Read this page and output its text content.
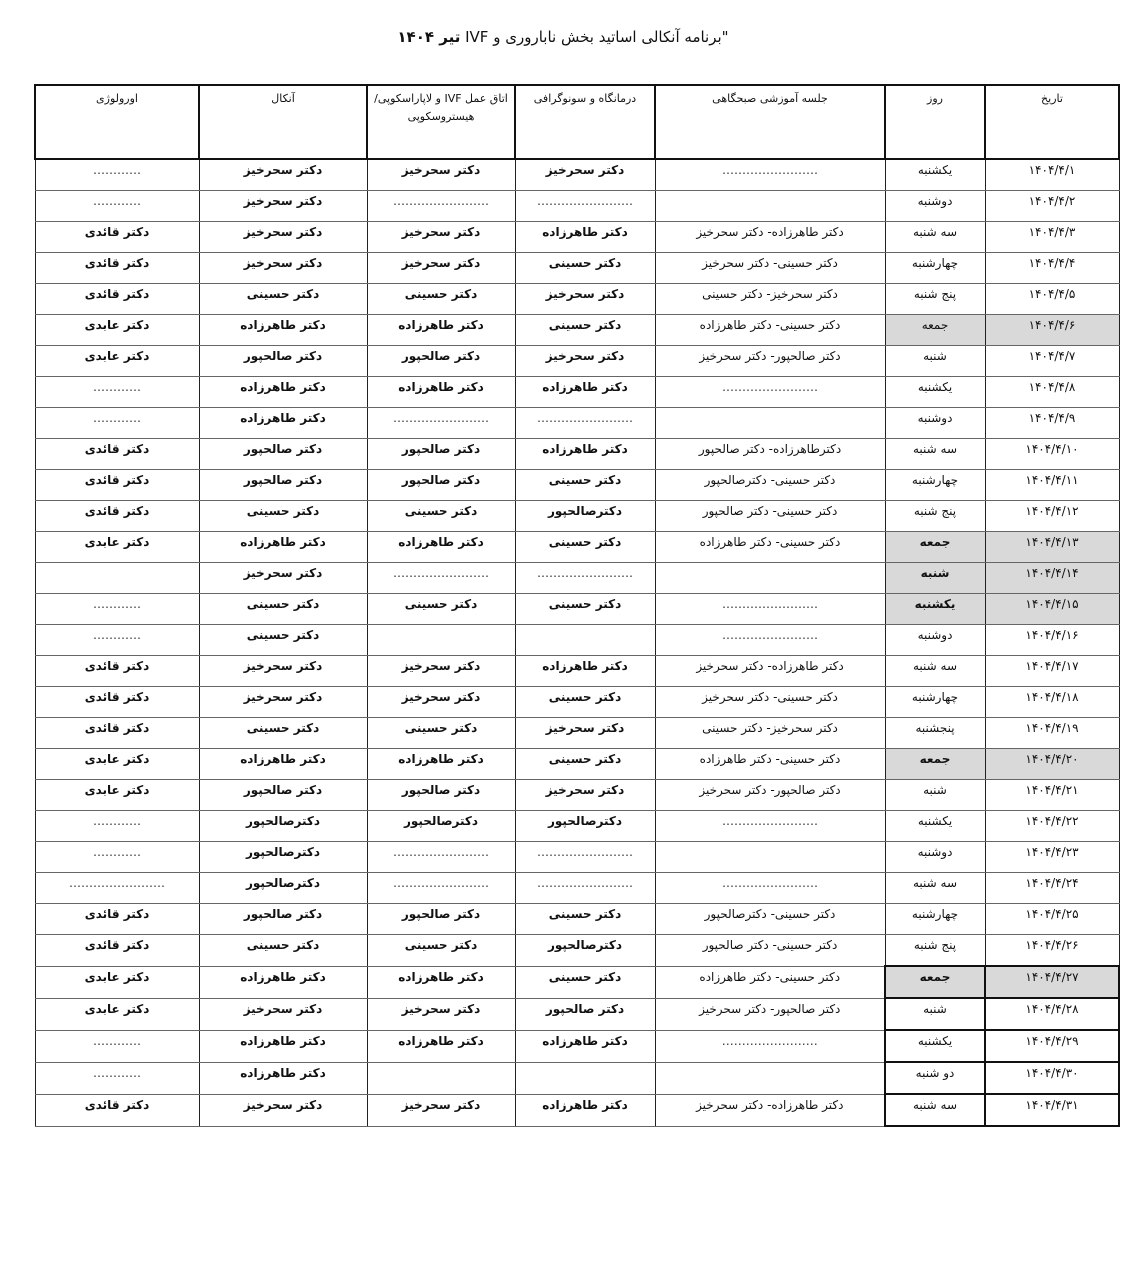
"برنامه آنکالی اساتید بخش ناباروری و IVF تیر ۱۴۰۴
تاریخ	روز	جلسه آموزشی صبحگاهی	درمانگاه و سونوگرافی	اتاق عمل IVF و لاپاراسکوپی/ هیستروسکوپی	آنکال	اورولوژی
۱۴۰۴/۴/۱	یکشنبه	……………………	دکتر سحرخیز	دکتر سحرخیز	دکتر سحرخیز	…………
۱۴۰۴/۴/۲	دوشنبه		……………………	……………………	دکتر سحرخیز	…………
۱۴۰۴/۴/۳	سه شنبه	دکتر طاهرزاده- دکتر سحرخیز	دکتر طاهرزاده	دکتر سحرخیز	دکتر سحرخیز	دکتر قائدی
۱۴۰۴/۴/۴	چهارشنبه	دکتر حسینی- دکتر سحرخیز	دکتر حسینی	دکتر سحرخیز	دکتر سحرخیز	دکتر قائدی
۱۴۰۴/۴/۵	پنج شنبه	دکتر سحرخیز- دکتر حسینی	دکتر سحرخیز	دکتر حسینی	دکتر حسینی	دکتر قائدی
۱۴۰۴/۴/۶	جمعه	دکتر حسینی- دکتر طاهرزاده	دکتر حسینی	دکتر طاهرزاده	دکتر طاهرزاده	دکتر عابدی
۱۴۰۴/۴/۷	شنبه	دکتر صالحپور- دکتر سحرخیز	دکتر سحرخیز	دکتر صالحپور	دکتر صالحپور	دکتر عابدی
۱۴۰۴/۴/۸	یکشنبه	……………………	دکتر طاهرزاده	دکتر طاهرزاده	دکتر طاهرزاده	…………
۱۴۰۴/۴/۹	دوشنبه		……………………	……………………	دکتر طاهرزاده	…………
۱۴۰۴/۴/۱۰	سه شنبه	دکترطاهرزاده- دکتر صالحپور	دکتر طاهرزاده	دکتر صالحپور	دکتر صالحپور	دکتر قائدی
۱۴۰۴/۴/۱۱	چهارشنبه	دکتر حسینی- دکترصالحپور	دکتر حسینی	دکتر صالحپور	دکتر صالحپور	دکتر قائدی
۱۴۰۴/۴/۱۲	پنج شنبه	دکتر حسینی- دکتر صالحپور	دکترصالحپور	دکتر حسینی	دکتر حسینی	دکتر قائدی
۱۴۰۴/۴/۱۳	جمعه	دکتر حسینی- دکتر طاهرزاده	دکتر حسینی	دکتر طاهرزاده	دکتر طاهرزاده	دکتر عابدی
۱۴۰۴/۴/۱۴	شنبه		……………………	……………………	دکتر سحرخیز	
۱۴۰۴/۴/۱۵	یکشنبه	……………………	دکتر حسینی	دکتر حسینی	دکتر حسینی	…………
۱۴۰۴/۴/۱۶	دوشنبه	……………………			دکتر حسینی	…………
۱۴۰۴/۴/۱۷	سه شنبه	دکتر طاهرزاده- دکتر سحرخیز	دکتر طاهرزاده	دکتر سحرخیز	دکتر سحرخیز	دکتر قائدی
۱۴۰۴/۴/۱۸	چهارشنبه	دکتر حسینی- دکتر سحرخیز	دکتر حسینی	دکتر سحرخیز	دکتر سحرخیز	دکتر قائدی
۱۴۰۴/۴/۱۹	پنجشنبه	دکتر سحرخیز- دکتر حسینی	دکتر سحرخیز	دکتر حسینی	دکتر حسینی	دکتر قائدی
۱۴۰۴/۴/۲۰	جمعه	دکتر حسینی- دکتر طاهرزاده	دکتر حسینی	دکتر طاهرزاده	دکتر طاهرزاده	دکتر عابدی
۱۴۰۴/۴/۲۱	شنبه	دکتر صالحپور- دکتر سحرخیز	دکتر سحرخیز	دکتر صالحپور	دکتر صالحپور	دکتر عابدی
۱۴۰۴/۴/۲۲	یکشنبه	……………………	دکترصالحپور	دکترصالحپور	دکترصالحپور	…………
۱۴۰۴/۴/۲۳	دوشنبه		……………………	……………………	دکترصالحپور	…………
۱۴۰۴/۴/۲۴	سه شنبه	……………………	……………………	……………………	دکترصالحپور	……………………
۱۴۰۴/۴/۲۵	چهارشنبه	دکتر حسینی- دکترصالحپور	دکتر حسینی	دکتر صالحپور	دکتر صالحپور	دکتر قائدی
۱۴۰۴/۴/۲۶	پنج شنبه	دکتر حسینی- دکتر صالحپور	دکترصالحپور	دکتر حسینی	دکتر حسینی	دکتر قائدی
۱۴۰۴/۴/۲۷	جمعه	دکتر حسینی- دکتر طاهرزاده	دکتر حسینی	دکتر طاهرزاده	دکتر طاهرزاده	دکتر عابدی
۱۴۰۴/۴/۲۸	شنبه	دکتر صالحپور- دکتر سحرخیز	دکتر صالحپور	دکتر سحرخیز	دکتر سحرخیز	دکتر عابدی
۱۴۰۴/۴/۲۹	یکشنبه	……………………	دکتر طاهرزاده	دکتر طاهرزاده	دکتر طاهرزاده	…………
۱۴۰۴/۴/۳۰	دو شنبه				دکتر طاهرزاده	…………
۱۴۰۴/۴/۳۱	سه شنبه	دکتر طاهرزاده- دکتر سحرخیز	دکتر طاهرزاده	دکتر سحرخیز	دکتر سحرخیز	دکتر قائدی
